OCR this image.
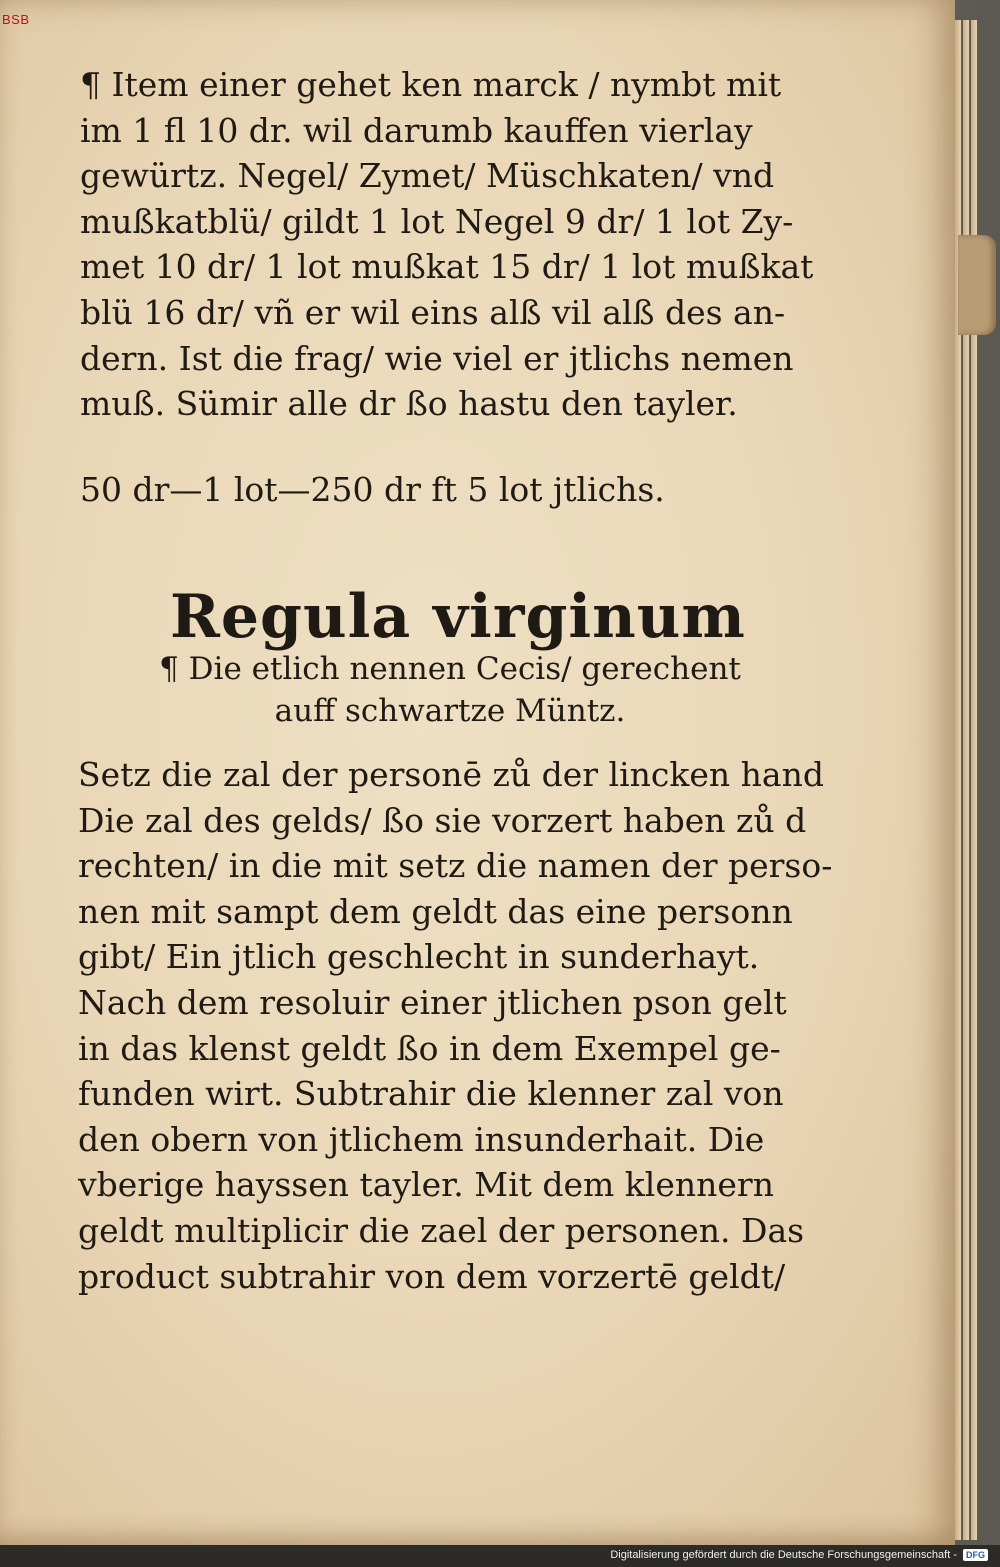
BSB
¶ Item einer gehet ken marck / nymbt mit
im 1 fl 10 dr. wil darumb kauffen vierlay
gewürtz. Negel/ Zymet/ Müschkaten/ vnd
mußkatblü/ gildt 1 lot Negel 9 dr/ 1 lot Zy-
met 10 dr/ 1 lot mußkat 15 dr/ 1 lot mußkat
blü 16 dr/ vñ er wil eins alß vil alß des an-
dern. Ist die frag/ wie viel er jtlichs nemen
muß. Sümir alle dr ßo hastu den tayler.
50 dr—1 lot—250 dr ft 5 lot jtlichs.
Regula virginum
¶ Die etlich nennen Cecis/ gerechent
auff schwartze Müntz.
Setz die zal der personē zů der lincken hand
Die zal des gelds/ ßo sie vorzert haben zů d
rechten/ in die mit setz die namen der perso-
nen mit sampt dem geldt das eine personn
gibt/ Ein jtlich geschlecht in sunderhayt.
Nach dem resoluir einer jtlichen pson gelt
in das klenst geldt ßo in dem Exempel ge-
funden wirt. Subtrahir die klenner zal von
den obern von jtlichem insunderhait. Die
vberige hayssen tayler. Mit dem klennern
geldt multiplicir die zael der personen. Das
product subtrahir von dem vorzertē geldt/
Digitalisierung gefördert durch die Deutsche Forschungsgemeinschaft -	DFG
